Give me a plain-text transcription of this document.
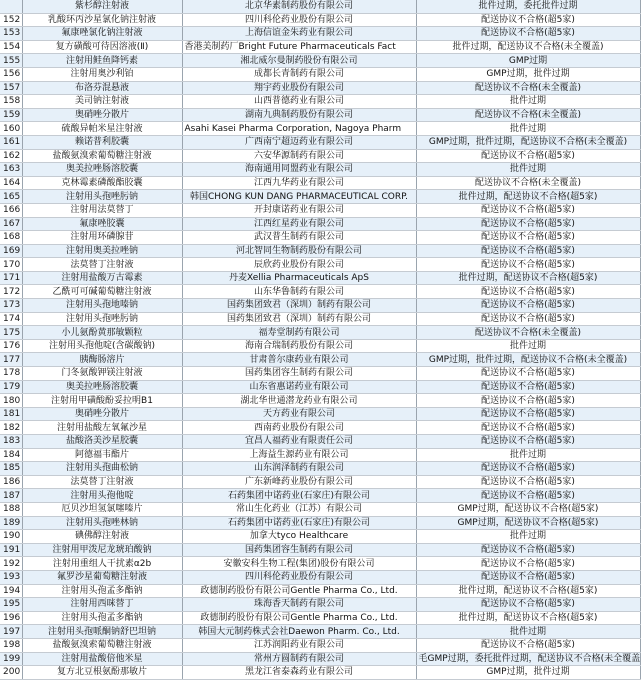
	紫杉醇注射液	北京华素制药股份有限公司	批件过期，委托批件过期
152	乳酸环丙沙星氯化钠注射液	四川科伦药业股份有限公司	配送协议不合格(超5家)
153	氟康唑氯化钠注射液	上海信谊金朱药业有限公司	配送协议不合格(超5家)
154	复方磺酸可待因溶液(Ⅱ)	香港美制药厂Bright Future Pharmaceuticals Fact	批件过期，配送协议不合格(未全覆盖)
155	注射用鲑鱼降钙素	湘北威尔曼制药股份有限公司	GMP过期
156	注射用奥沙利铂	成都长青制药有限公司	GMP过期，批件过期
157	布洛芬混悬液	翔宇药业股份有限公司	配送协议不合格(未全覆盖)
158	美司钠注射液	山西普德药业有限公司	批件过期
159	奥硝唑分散片	湖南九典制药股份有限公司	配送协议不合格(未全覆盖)
160	硫酸异帕米星注射液	Asahi Kasei Pharma Corporation, Nagoya Pharm	批件过期
161	赖诺普利胶囊	广西南宁超迈药业有限公司	GMP过期，批件过期，配送协议不合格(未全覆盖)
162	盐酸氨溴索葡萄糖注射液	六安华源制药有限公司	配送协议不合格(超5家)
163	奥美拉唑肠溶胶囊	海南通用同盟药业有限公司	批件过期
164	克林霉素磷酸酯胶囊	江西九华药业有限公司	配送协议不合格(未全覆盖)
165	注射用头孢唑肟钠	韩国CHONG KUN DANG PHARMACEUTICAL CORP.	批件过期，配送协议不合格(超5家)
166	注射用法莫替丁	开封康诺药业有限公司	配送协议不合格(超5家)
167	氟康唑胶囊	江西红星药业有限公司	配送协议不合格(超5家)
168	注射用环磷腺苷	武汉普生制药有限公司	配送协议不合格(超5家)
169	注射用奥美拉唑钠	河北智同生物制药股份有限公司	配送协议不合格(超5家)
170	法莫替丁注射液	辰欣药业股份有限公司	配送协议不合格(超5家)
171	注射用盐酸万古霉素	丹麦Xellia Pharmaceuticals ApS	批件过期，配送协议不合格(超5家)
172	乙酰可可碱葡萄糖注射液	山东华鲁制药有限公司	配送协议不合格(超5家)
173	注射用头孢地嗪钠	国药集团致君（深圳）制药有限公司	配送协议不合格(超5家)
174	注射用头孢唑肟钠	国药集团致君（深圳）制药有限公司	配送协议不合格(超5家)
175	小儿氨酚黄那敏颗粒	福寿堂制药有限公司	配送协议不合格(未全覆盖)
176	注射用头孢他啶(含碳酸钠)	海南合瑞制药股份有限公司	批件过期
177	胰酶肠溶片	甘肃普尔康药业有限公司	GMP过期，批件过期，配送协议不合格(未全覆盖)
178	门冬氨酸钾镁注射液	国药集团容生制药有限公司	配送协议不合格(超5家)
179	奥美拉唑肠溶胶囊	山东省惠诺药业有限公司	配送协议不合格(超5家)
180	注射用甲磺酸酚妥拉明B1	湖北华世通潜龙药业有限公司	配送协议不合格(超5家)
181	奥硝唑分散片	天方药业有限公司	配送协议不合格(超5家)
182	注射用盐酸左氧氟沙星	西南药业股份有限公司	配送协议不合格(超5家)
183	盐酸洛美沙星胶囊	宜昌人福药业有限责任公司	配送协议不合格(超5家)
184	阿德福韦酯片	上海益生源药业有限公司	批件过期
185	注射用头孢曲松钠	山东润泽制药有限公司	配送协议不合格(超5家)
186	法莫替丁注射液	广东新峰药业股份有限公司	配送协议不合格(超5家)
187	注射用头孢他啶	石药集团中诺药业(石家庄)有限公司	配送协议不合格(超5家)
188	厄贝沙坦氢氯噻嗪片	常山生化药业（江苏）有限公司	GMP过期，配送协议不合格(超5家)
189	注射用头孢唑林钠	石药集团中诺药业(石家庄)有限公司	GMP过期，配送协议不合格(超5家)
190	碘佛醇注射液	加拿大tyco Healthcare	批件过期
191	注射用甲泼尼龙琥珀酸钠	国药集团容生制药有限公司	配送协议不合格(超5家)
192	注射用重组人干扰素α2b	安徽安科生物工程(集团)股份有限公司	配送协议不合格(超5家)
193	氟罗沙星葡萄糖注射液	四川科伦药业股份有限公司	配送协议不合格(超5家)
194	注射用头孢孟多酯钠	政德制药股份有限公司Gentle Pharma Co., Ltd.	批件过期，配送协议不合格(超5家)
195	注射用西咪替丁	珠海香天制药有限公司	配送协议不合格(超5家)
196	注射用头孢孟多酯钠	政德制药股份有限公司Gentle Pharma Co., Ltd.	批件过期，配送协议不合格(超5家)
197	注射用头孢哌酮钠舒巴坦钠	韩国大元制药株式会社Daewon Pharm. Co., Ltd.	批件过期
198	盐酸氨溴索葡萄糖注射液	江苏润阳药业有限公司	配送协议不合格(超5家)
199	注射用盐酸倍他米星	常州方圆制药有限公司	毛GMP过期，委托批件过期，配送协议不合格(未全覆盖
200	复方北豆根氨酚那敏片	黑龙江省泰森药业有限公司	GMP过期，批件过期
